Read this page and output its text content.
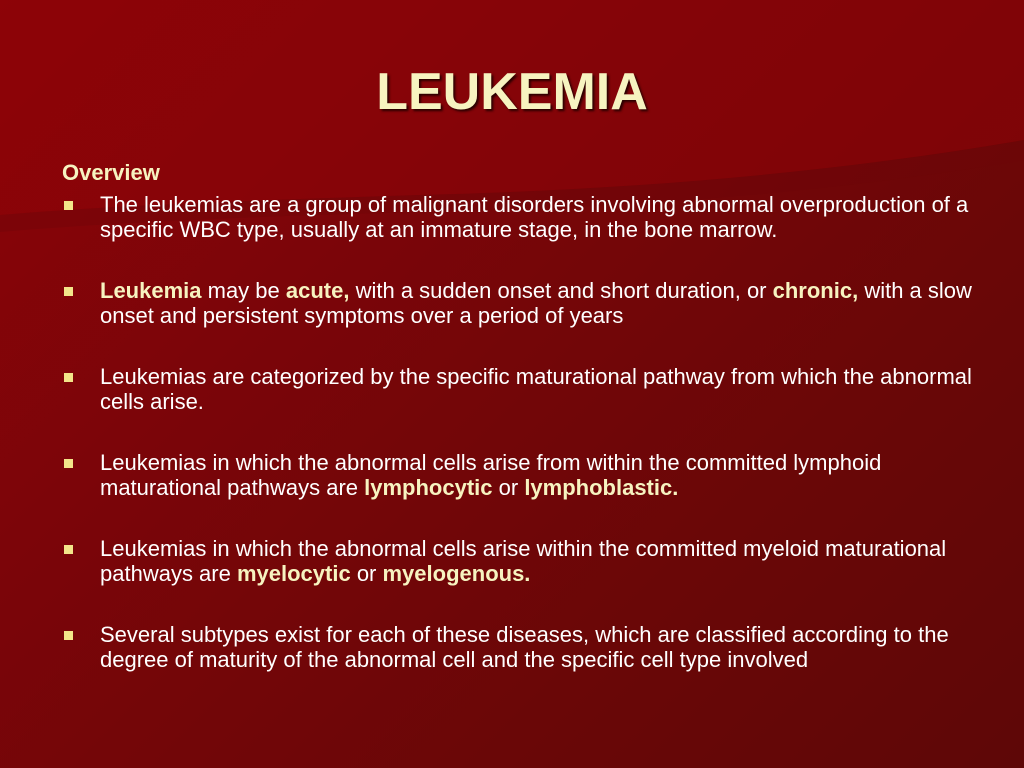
LEUKEMIA
Overview
The leukemias are a group of malignant disorders involving abnormal overproduction of a specific WBC type, usually at an immature stage, in the bone marrow.
Leukemia may be acute, with a sudden onset and short duration, or chronic, with a slow onset and persistent symptoms over a period of years
Leukemias are categorized by the specific maturational pathway from which the abnormal cells arise.
Leukemias in which the abnormal cells arise from within the committed lymphoid maturational pathways are lymphocytic or lymphoblastic.
Leukemias in which the abnormal cells arise within the committed myeloid maturational pathways are myelocytic or myelogenous.
Several subtypes exist for each of these diseases, which are classified according to the degree of maturity of the abnormal cell and the specific cell type involved
